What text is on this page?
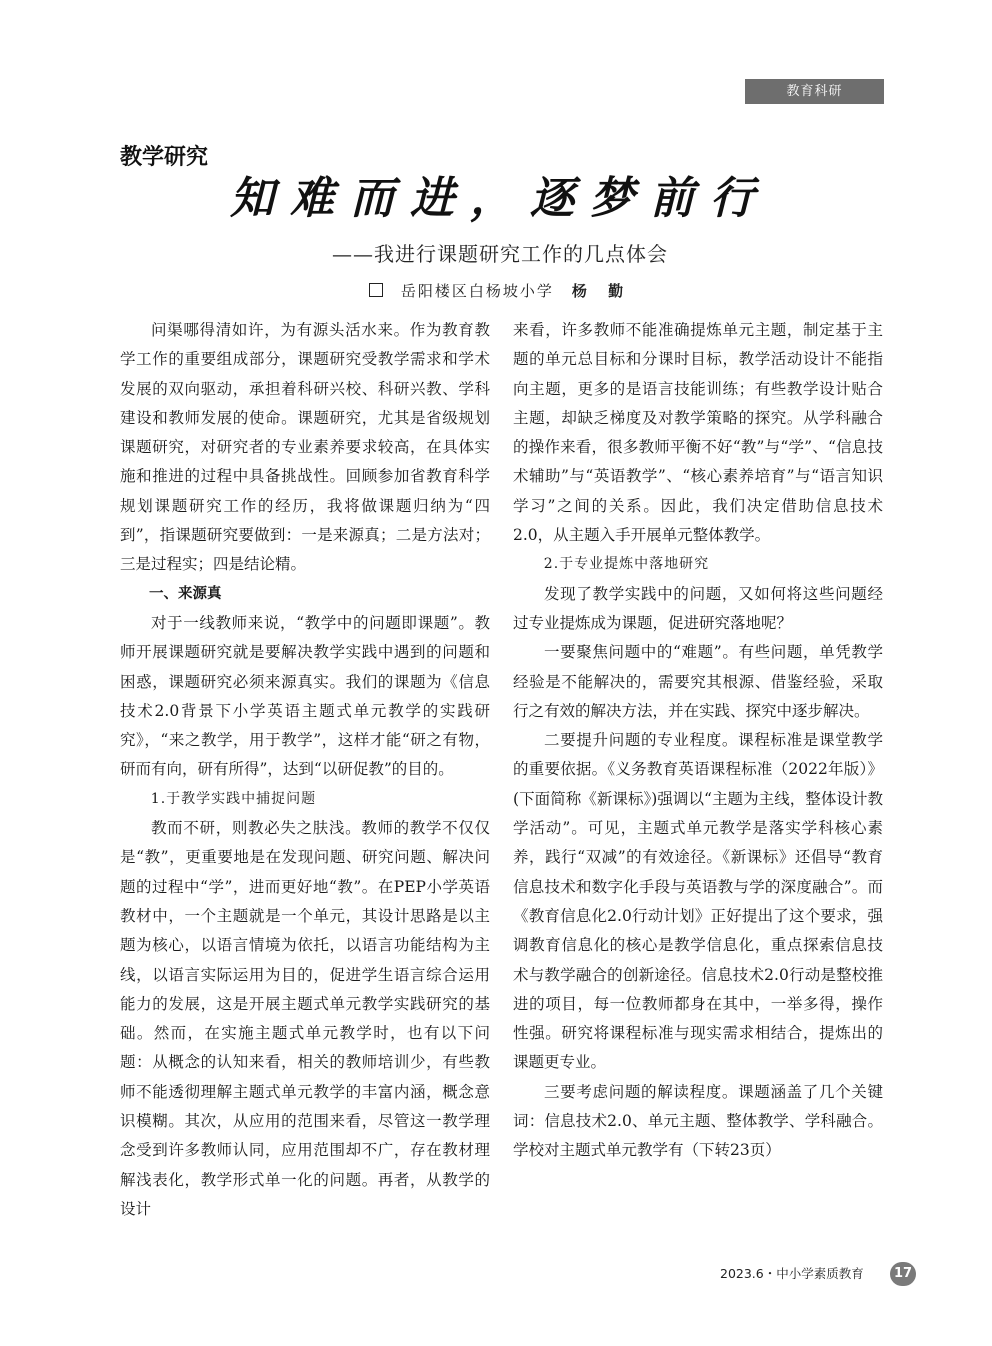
教育科研
教学研究
知难而进，逐梦前行
——我进行课题研究工作的几点体会
岳阳楼区白杨坡小学 杨 勤

问渠哪得清如许，为有源头活水来。作为教育教学工作的重要组成部分，课题研究受教学需求和学术发展的双向驱动，承担着科研兴校、科研兴教、学科建设和教师发展的使命。课题研究，尤其是省级规划课题研究，对研究者的专业素养要求较高，在具体实施和推进的过程中具备挑战性。回顾参加省教育科学规划课题研究工作的经历，我将做课题归纳为“四到”，指课题研究要做到：一是来源真；二是方法对；三是过程实；四是结论精。

一、来源真

对于一线教师来说，“教学中的问题即课题”。教师开展课题研究就是要解决教学实践中遇到的问题和困惑，课题研究必须来源真实。我们的课题为《信息技术2.0背景下小学英语主题式单元教学的实践研究》，“来之教学，用于教学”，这样才能“研之有物，研而有向，研有所得”，达到“以研促教”的目的。

1.于教学实践中捕捉问题

教而不研，则教必失之肤浅。教师的教学不仅仅是“教”，更重要地是在发现问题、研究问题、解决问题的过程中“学”，进而更好地“教”。在PEP小学英语教材中，一个主题就是一个单元，其设计思路是以主题为核心，以语言情境为依托，以语言功能结构为主线，以语言实际运用为目的，促进学生语言综合运用能力的发展，这是开展主题式单元教学实践研究的基础。然而，在实施主题式单元教学时，也有以下问题：从概念的认知来看，相关的教师培训少，有些教师不能透彻理解主题式单元教学的丰富内涵，概念意识模糊。其次，从应用的范围来看，尽管这一教学理念受到许多教师认同，应用范围却不广，存在教材理解浅表化，教学形式单一化的问题。再者，从教学的设计

来看，许多教师不能准确提炼单元主题，制定基于主题的单元总目标和分课时目标，教学活动设计不能指向主题，更多的是语言技能训练；有些教学设计贴合主题，却缺乏梯度及对教学策略的探究。从学科融合的操作来看，很多教师平衡不好“教”与“学”、“信息技术辅助”与“英语教学”、“核心素养培育”与“语言知识学习”之间的关系。因此，我们决定借助信息技术2.0，从主题入手开展单元整体教学。

2.于专业提炼中落地研究

发现了教学实践中的问题，又如何将这些问题经过专业提炼成为课题，促进研究落地呢？

一要聚焦问题中的“难题”。有些问题，单凭教学经验是不能解决的，需要究其根源、借鉴经验，采取行之有效的解决方法，并在实践、探究中逐步解决。

二要提升问题的专业程度。课程标准是课堂教学的重要依据。《义务教育英语课程标准（2022年版）》(下面简称《新课标》)强调以“主题为主线，整体设计教学活动”。可见，主题式单元教学是落实学科核心素养，践行“双减”的有效途径。《新课标》还倡导“教育信息技术和数字化手段与英语教与学的深度融合”。而《教育信息化2.0行动计划》正好提出了这个要求，强调教育信息化的核心是教学信息化，重点探索信息技术与教学融合的创新途径。信息技术2.0行动是整校推进的项目，每一位教师都身在其中，一举多得，操作性强。研究将课程标准与现实需求相结合，提炼出的课题更专业。

三要考虑问题的解读程度。课题涵盖了几个关键词：信息技术2.0、单元主题、整体教学、学科融合。学校对主题式单元教学有（下转23页）

2023.6・中小学素质教育	17
